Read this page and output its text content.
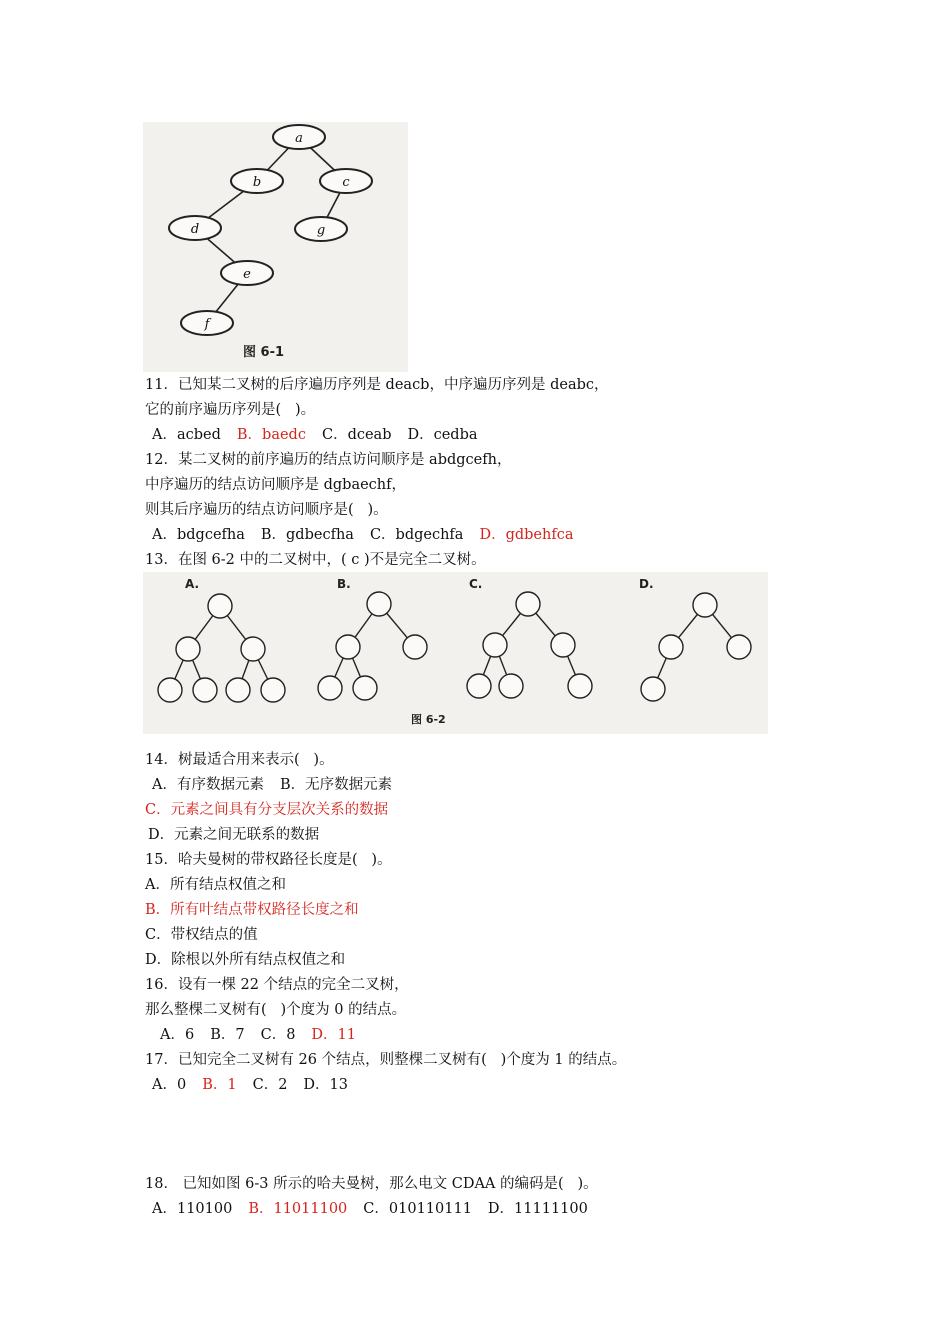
a
b	c
d	g
e
f
图 6-1
11．已知某二叉树的后序遍历序列是 deacb，中序遍历序列是 deabc，
它的前序遍历序列是(   )。
A．acbed B．baedc C．dceab D．cedba
12．某二叉树的前序遍历的结点访问顺序是 abdgcefh，
中序遍历的结点访问顺序是 dgbaechf，
则其后序遍历的结点访问顺序是(   )。
A．bdgcefha B．gdbecfha C．bdgechfa D．gdbehfca
13．在图 6-2 中的二叉树中，( c )不是完全二叉树。
A.	B.	C.	D.
图 6-2
14．树最适合用来表示(   )。
A．有序数据元素 B．无序数据元素
C．元素之间具有分支层次关系的数据
D．元素之间无联系的数据
15．哈夫曼树的带权路径长度是(   )。
A．所有结点权值之和
B．所有叶结点带权路径长度之和
C．带权结点的值
D．除根以外所有结点权值之和
16．设有一棵 22 个结点的完全二叉树，
那么整棵二叉树有(   )个度为 0 的结点。
A．6 B．7 C．8 D．11
17．已知完全二叉树有 26 个结点，则整棵二叉树有(   )个度为 1 的结点。
A．0 B．1 C．2 D．13
18． 已知如图 6-3 所示的哈夫曼树，那么电文 CDAA 的编码是(   )。
A．110100 B．11011100 C．010110111 D．11111100
